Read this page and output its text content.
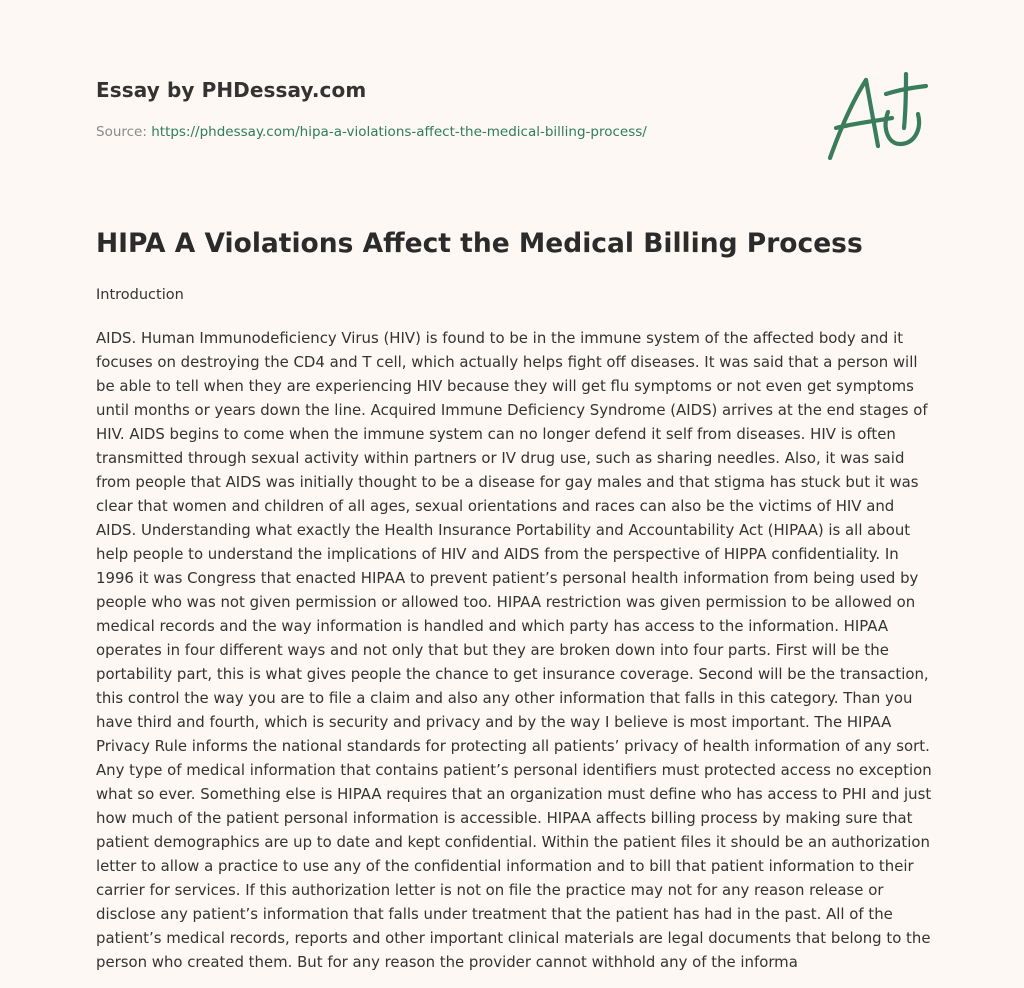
Essay by PHDessay.com

Source: https://phdessay.com/hipa-a-violations-affect-the-medical-billing-process/

HIPA A Violations Affect the Medical Billing Process

Introduction

AIDS. Human Immunodeficiency Virus (HIV) is found to be in the immune system of the affected body and it focuses on destroying the CD4 and T cell, which actually helps fight off diseases. It was said that a person will be able to tell when they are experiencing HIV because they will get flu symptoms or not even get symptoms until months or years down the line. Acquired Immune Deficiency Syndrome (AIDS) arrives at the end stages of HIV. AIDS begins to come when the immune system can no longer defend it self from diseases. HIV is often transmitted through sexual activity within partners or IV drug use, such as sharing needles. Also, it was said from people that AIDS was initially thought to be a disease for gay males and that stigma has stuck but it was clear that women and children of all ages, sexual orientations and races can also be the victims of HIV and AIDS. Understanding what exactly the Health Insurance Portability and Accountability Act (HIPAA) is all about help people to understand the implications of HIV and AIDS from the perspective of HIPPA confidentiality. In 1996 it was Congress that enacted HIPAA to prevent patient’s personal health information from being used by people who was not given permission or allowed too. HIPAA restriction was given permission to be allowed on medical records and the way information is handled and which party has access to the information. HIPAA operates in four different ways and not only that but they are broken down into four parts. First will be the portability part, this is what gives people the chance to get insurance coverage. Second will be the transaction, this control the way you are to file a claim and also any other information that falls in this category. Than you have third and fourth, which is security and privacy and by the way I believe is most important. The HIPAA Privacy Rule informs the national standards for protecting all patients’ privacy of health information of any sort. Any type of medical information that contains patient’s personal identifiers must protected access no exception what so ever. Something else is HIPAA requires that an organization must define who has access to PHI and just how much of the patient personal information is accessible. HIPAA affects billing process by making sure that patient demographics are up to date and kept confidential. Within the patient files it should be an authorization letter to allow a practice to use any of the confidential information and to bill that patient information to their carrier for services. If this authorization letter is not on file the practice may not for any reason release or disclose any patient’s information that falls under treatment that the patient has had in the past. All of the patient’s medical records, reports and other important clinical materials are legal documents that belong to the person who created them. But for any reason the provider cannot withhold any of the informa
